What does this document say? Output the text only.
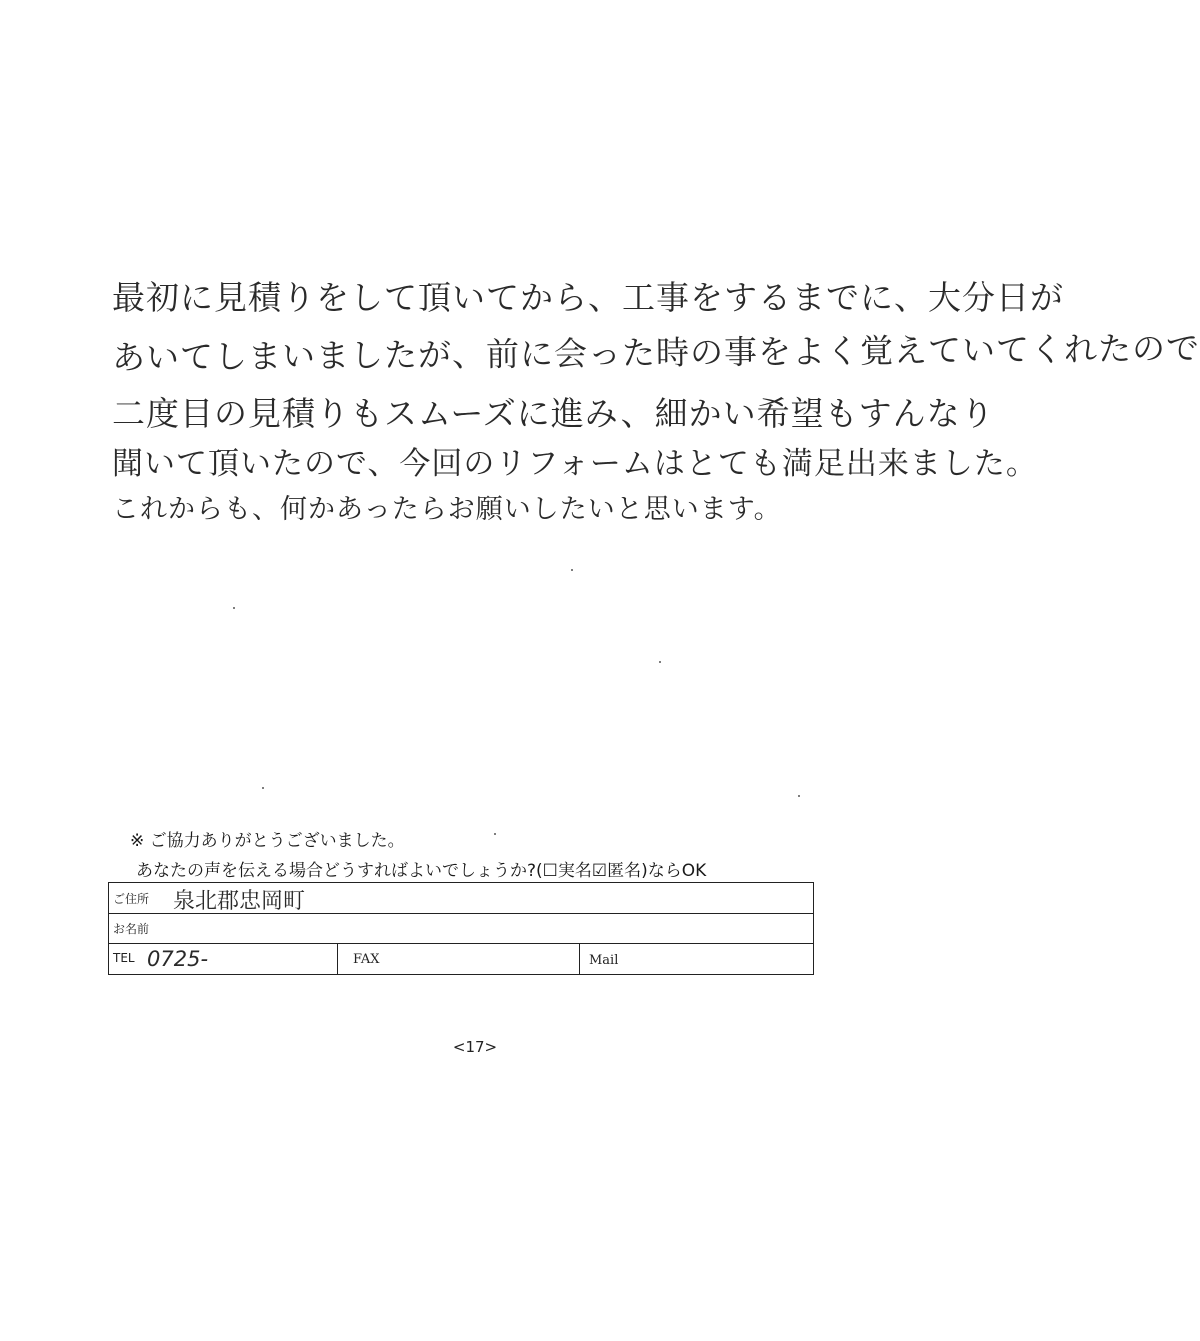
最初に見積りをして頂いてから、工事をするまでに、大分日が
あいてしまいましたが、前に会った時の事をよく覚えていてくれたので
二度目の見積りもスムーズに進み、細かい希望もすんなり
聞いて頂いたので、今回のリフォームはとても満足出来ました。
これからも、何かあったらお願いしたいと思います。
※ ご協力ありがとうございました。
あなたの声を伝える場合どうすればよいでしょうか?(☐実名☑匿名)ならOK
ご住所 泉北郡忠岡町
お名前
TEL 0725-	FAX	Mail
<17>
